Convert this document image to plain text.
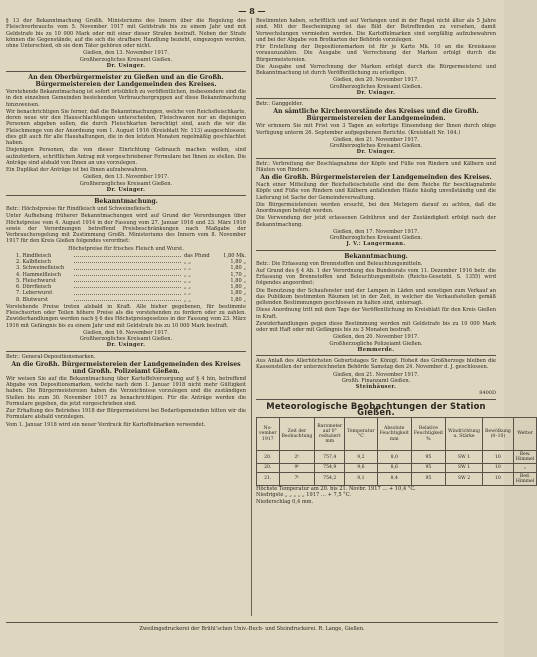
— 8 —

§ 13 der Bekanntmachung Großh. Ministeriums des Innern über die Regelung des Fleischverbrauchs vom 5. November 1917 mit Geldstrafe bis zu einem Jahr und mit Geldstrafe bis zu 10 000 Mark oder mit einer dieser Strafen bestraft. Neben der Strafe können die Gegenstände, auf die sich die strafbare Handlung bezieht, eingezogen werden, ohne Unterschied, ob sie dem Täter gehören oder nicht.

Gießen, den 13. November 1917.
Großherzogliches Kreisamt Gießen.
Dr. Usinger.
An den Oberbürgermeister zu Gießen und an die Großh. Bürgermeistereien der Landgemeinden des Kreises.

Vorstehende Bekanntmachung ist sofort ortsüblich zu veröffentlichen, insbesondere sind die in den einzelnen Gemeinden bestehenden Verbrauchergruppen auf diese Bekanntmachung hinzuweisen.

Wir benachrichtigen Sie ferner, daß die Bekanntmachungen, welche von Reichsfleischkarte, deren neue wir den Hausschlachtungen unterscheiden, Fleischwaren nur an diejenigen Personen abgeben sollen, die durch Fleischkarten berechtigt sind, auch die wir die Fleischmenge von der Anordnung vom 1. August 1916 (Kreisblatt Nr. 113) ausgeschlossen; dies gilt auch für alle Haushaltungen, die in den letzten Monaten regelmäßig geschlachtet haben.

Diejenigen Personen, die von dieser Einrichtung Gebrauch machen wollen, sind aufzufordern, schriftlichen Antrag mit vorgeschriebener Formulare bei Ihnen zu stellen. Die Anträge sind alsbald von Ihnen an uns vorzulegen.

Ein Duplikat der Anträge ist bei Ihnen aufzubewahren.

Gießen, den 13. November 1917.
Großherzogliches Kreisamt Gießen.
Dr. Usinger.
Bekanntmachung.

Betr.: Höchstpreise für Rindfleisch und Schweinefleisch.

Unter Aufhebung früherer Bekanntmachungen wird auf Grund der Verordnungen über Höchstpreise vom 4. August 1914 in der Fassung vom 27. Januar 1916 und 23. März 1916 sowie der Verordnungen betreffend Preisbeschränkungen nach Maßgabe der Verbrauchsregelung mit Zustimmung Großh. Ministeriums des Innern vom 8. November 1917 für den Kreis Gießen folgendes verordnet:

Höchstpreise für frisches Fleisch und Wurst.

1. Rindfleisch	das Pfund	1,80 Mk.
2. Kalbfleisch	„ „	1,80 „
3. Schweinefleisch	„ „	1,80 „
4. Hammelfleisch	„ „	1,70 „
5. Fleischwurst	„ „	1,80 „
6. Dörrfleisch	„ „	1,80 „
7. Leberwurst	„ „	1,80 „
8. Blutwurst	„ „	1,80 „

Vorstehende Preise treten alsbald in Kraft. Alle bisher gegebenen, für bestimmte Fleischsorten oder Teilen höhere Preise als die vorstehenden zu fordern oder zu zahlen. Zuwiderhandlungen werden nach § 6 des Höchstpreisgesetzes in der Fassung vom 23. März 1916 mit Gefängnis bis zu einem Jahr und mit Geldstrafe bis zu 10 000 Mark bestraft.

Gießen, den 16. November 1917.
Großherzogliches Kreisamt Gießen.
Dr. Usinger.

Betr.: General-Depositionsmarken.

An die Großh. Bürgermeistereien der Landgemeinden des Kreises und Großh. Polizeiamt Gießen.

Wir weisen Sie auf die Bekanntmachung über Kartoffelversorgung auf § 4 hin, betreffend Abgabe von Depositionsmarken, welche nach dem 1. Januar 1918 nicht mehr Gültigkeit haben. Die Bürgermeistereien haben die Verzeichnisse vorzulegen und die zuständigen Stellen bis zum 30. November 1917 zu benachrichtigen. Für die Anträge werden die Formulare gegeben, die jetzt vorgeschrieben sind.

Zur Erhaltung des Betriebes 1918 der Bürgermeisterei bei Bedarfsgemeinden bitten wir die Formulare alsbald vorzulegen.

Vom 1. Januar 1918 wird ein neuer Vordruck für Kartoffelmarken verwendet.

Bestimmten haben, schriftlich und auf Verlangen und in der Regel nicht älter als 5 Jahre sind. Mit der Bescheinigung ist das Bild der Betreffenden zu versehen, damit Verwechslungen vermieden werden. Die Kartoffelmarken sind sorgfältig aufzubewahren und bei der Abgabe von Brotkarten der Behörde vorzulegen.

Für Erstellung der Depositionsmarken ist für je Karte Mk. 10 an die Kreiskasse vorauszuzahlen. Die Ausgabe und Verrechnung der Marken erfolgt durch die Bürgermeistereien.

Die Ausgabe und Verrechnung der Marken erfolgt durch die Bürgermeisterei und Bekanntmachung ist durch Veröffentlichung zu erledigen.

Gießen, den 20. November 1917.
Großherzogliches Kreisamt Gießen.
Dr. Usinger.

Betr.: Ganggelder.

An sämtliche Kirchenvorstände des Kreises und die Großh. Bürgermeistereien der Landgemeinden.

Wir erinnern Sie mit Frist von 3 Tagen an sofortige Einsendung der Ihnen durch obige Verfügung unterm 26. September aufgegebenen Berichte. (Kreisblatt Nr. 164.)

Gießen, den 21. November 1917.
Großherzogliches Kreisamt Gießen.
Dr. Usinger.

Betr.: Verbreitung der Beschlagnahme der Köpfe und Füße von Rindern und Kälbern und Häuten von Rindern.

An die Großh. Bürgermeistereien der Landgemeinden des Kreises.

Nach einer Mitteilung der Reichsfleischstelle sind die dem Reiche für beschlagnahmte Köpfe und Füße von Rindern und Kälbern anfallenden Häute häufig unvollständig und die Lieferung ist Sache der Gemeindeverwaltung.

Die Bürgermeistereien werden ersucht, bei den Metzgern darauf zu achten, daß die Anordnungen befolgt werden.

Die Verwendung der jetzt erlassenen Gebühren und der Zuständigkeit erfolgt nach der Bekanntmachung.

Gießen, den 17. November 1917.
Großherzogliches Kreisamt Gießen.
J. V.: Langermann.
Bekanntmachung.

Betr.: Die Erfassung von Brennstoffen und Beleuchtungsmitteln.

Auf Grund des § 4 Ab. 1 der Verordnung des Bundesrats vom 11. Dezember 1916 betr. die Erfassung von Brennstoffen und Beleuchtungsmitteln (Reichs-Gesetzbl. S. 1355) wird folgendes angeordnet:

Die Benutzung der Schaufenster und der Lampen in Läden und sonstigen zum Verkauf an das Publikum bestimmten Räumen ist in der Zeit, in welcher die Verkaufsstellen gemäß geltenden Bestimmungen geschlossen zu halten sind, untersagt.

Diese Anordnung tritt mit dem Tage der Veröffentlichung im Kreisblatt für den Kreis Gießen in Kraft.

Zuwiderhandlungen gegen diese Bestimmung werden mit Geldstrafe bis zu 10 000 Mark oder mit Haft oder mit Gefängnis bis zu 3 Monaten bestraft.

Gießen, den 20. November 1917.
Großherzogliche Polizeiamt Gießen.
Hemmerde.

Aus Anlaß des Allerhöchsten Geburtstages Sr. Königl. Hoheit des Großherzogs bleiben die Kassenstellen der unterzeichneten Behörde Samstag den 24. November d. J. geschlossen.

Gießen, den 21. November 1917.
Großh. Finanzamt Gießen.
Steinhäuser.
8400D
Meteorologische Beobachtungen der Station Gießen.
No-vember 1917	Zeit der Beobachtung	Barometer auf 0° reduziert mm	Temperatur °C	Absolute Feuchtigkeit mm	Relative Feuchtigkeit %	Windrichtung u. Stärke	Bewölkung (0–10)	Wetter
20.	2ʰ	757,4	9,2	8,0	95	SW 1	10	Bew. Himmel
20.	9ʰ	754,9	9,6	8,6	95	SW 1	10	„
21.	7ʰ	754,2	9,1	8,4	95	SW 2	10	Bed. Himmel
Höchste Temperatur am 20. bis 21. Novbr. 1917 … + 10,4 °C.
Niedrigste „ „ „ „ „ 1917 … + 7,5 °C.
Niederschlag 0,4 mm.
Zweilingsdruckerei der Brühl’schen Univ.-Buch- und Steindruckerei. R. Lange, Gießen.
